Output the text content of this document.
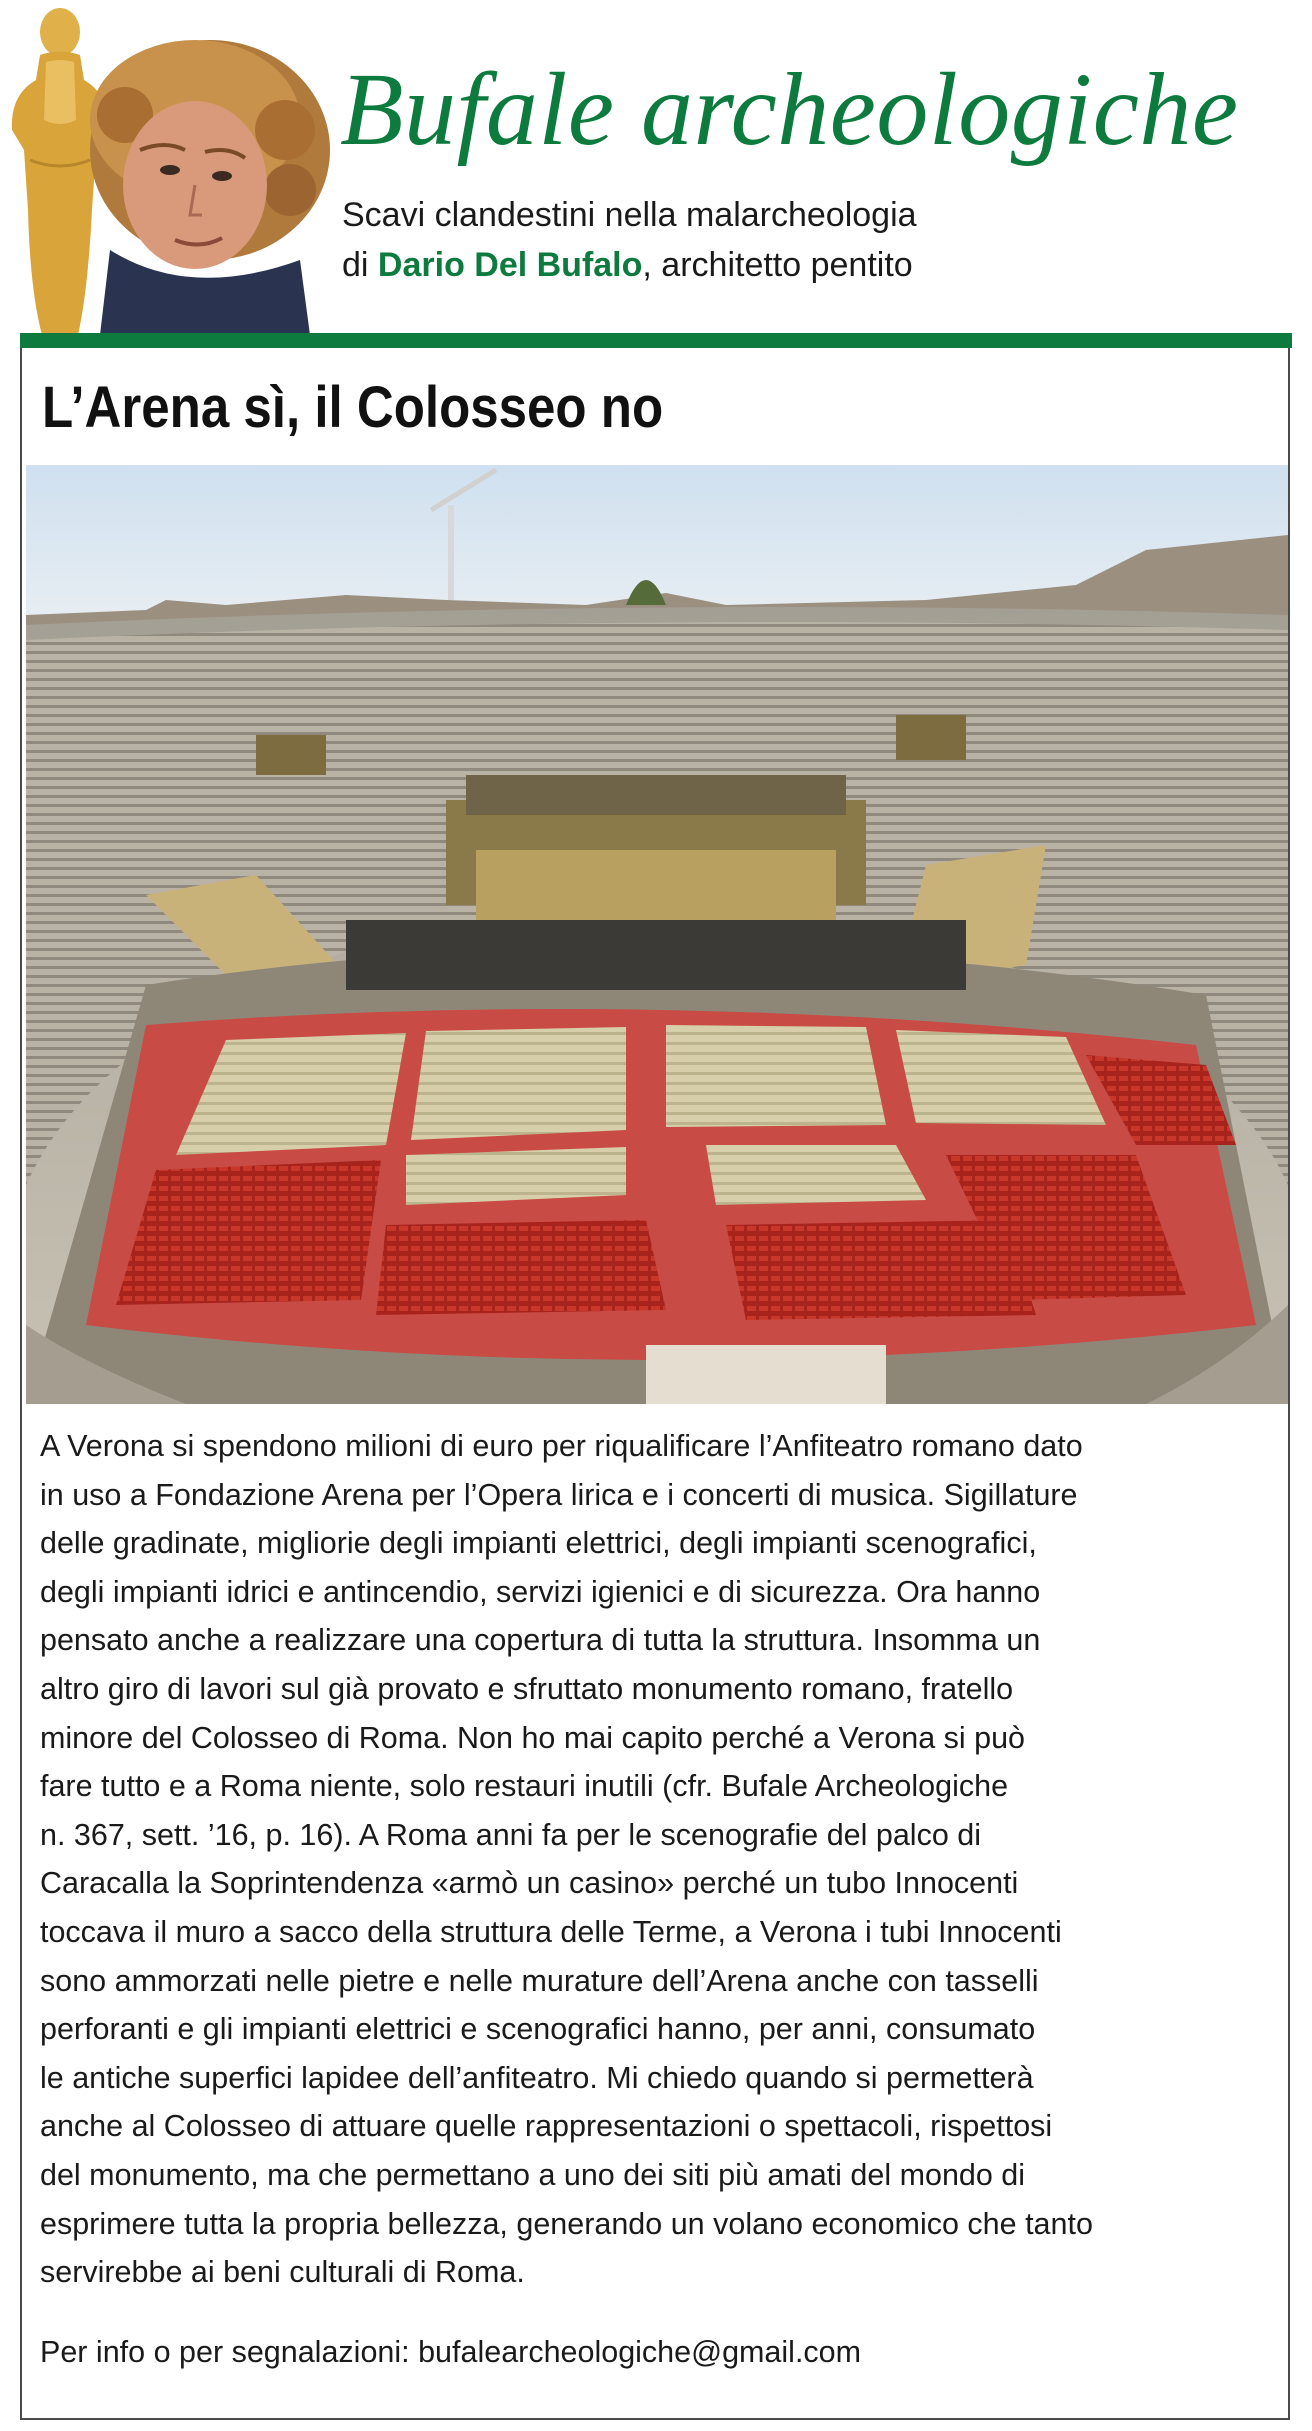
Bufale archeologiche
Scavi clandestini nella malarcheologia
di Dario Del Bufalo, architetto pentito
L’Arena sì, il Colosseo no

A Verona si spendono milioni di euro per riqualificare l’Anfiteatro romano dato
in uso a Fondazione Arena per l’Opera lirica e i concerti di musica. Sigillature
delle gradinate, migliorie degli impianti elettrici, degli impianti scenografici,
degli impianti idrici e antincendio, servizi igienici e di sicurezza. Ora hanno
pensato anche a realizzare una copertura di tutta la struttura. Insomma un
altro giro di lavori sul già provato e sfruttato monumento romano, fratello
minore del Colosseo di Roma. Non ho mai capito perché a Verona si può
fare tutto e a Roma niente, solo restauri inutili (cfr. Bufale Archeologiche
n. 367, sett. ’16, p. 16). A Roma anni fa per le scenografie del palco di
Caracalla la Soprintendenza «armò un casino» perché un tubo Innocenti
toccava il muro a sacco della struttura delle Terme, a Verona i tubi Innocenti
sono ammorzati nelle pietre e nelle murature dell’Arena anche con tasselli
perforanti e gli impianti elettrici e scenografici hanno, per anni, consumato
le antiche superfici lapidee dell’anfiteatro. Mi chiedo quando si permetterà
anche al Colosseo di attuare quelle rappresentazioni o spettacoli, rispettosi
del monumento, ma che permettano a uno dei siti più amati del mondo di
esprimere tutta la propria bellezza, generando un volano economico che tanto
servirebbe ai beni culturali di Roma.

Per info o per segnalazioni: bufalearcheologiche@gmail.com
